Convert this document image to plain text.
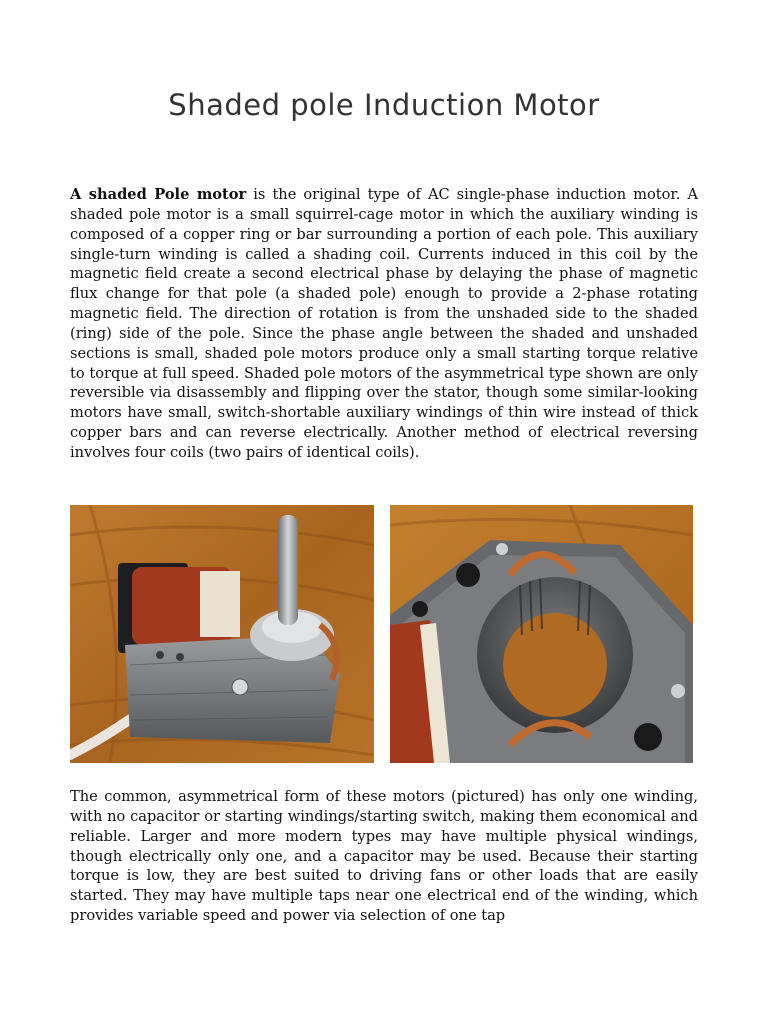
Shaded pole Induction Motor

A shaded Pole motor is the original type of AC single-phase induction motor. A shaded pole motor is a small squirrel-cage motor in which the auxiliary winding is composed of a copper ring or bar surrounding a portion of each pole. This auxiliary single-turn winding is called a shading coil. Currents induced in this coil by the magnetic field create a second electrical phase by delaying the phase of magnetic flux change for that pole (a shaded pole) enough to provide a 2-phase rotating magnetic field. The direction of rotation is from the unshaded side to the shaded (ring) side of the pole. Since the phase angle between the shaded and unshaded sections is small, shaded pole motors produce only a small starting torque relative to torque at full speed. Shaded pole motors of the asymmetrical type shown are only reversible via disassembly and flipping over the stator, though some similar-looking motors have small, switch-shortable auxiliary windings of thin wire instead of thick copper bars and can reverse electrically. Another method of electrical reversing involves four coils (two pairs of identical coils).

The common, asymmetrical form of these motors (pictured) has only one winding, with no capacitor or starting windings/starting switch, making them economical and reliable. Larger and more modern types may have multiple physical windings, though electrically only one, and a capacitor may be used. Because their starting torque is low, they are best suited to driving fans or other loads that are easily started. They may have multiple taps near one electrical end of the winding, which provides variable speed and power via selection of one tap
